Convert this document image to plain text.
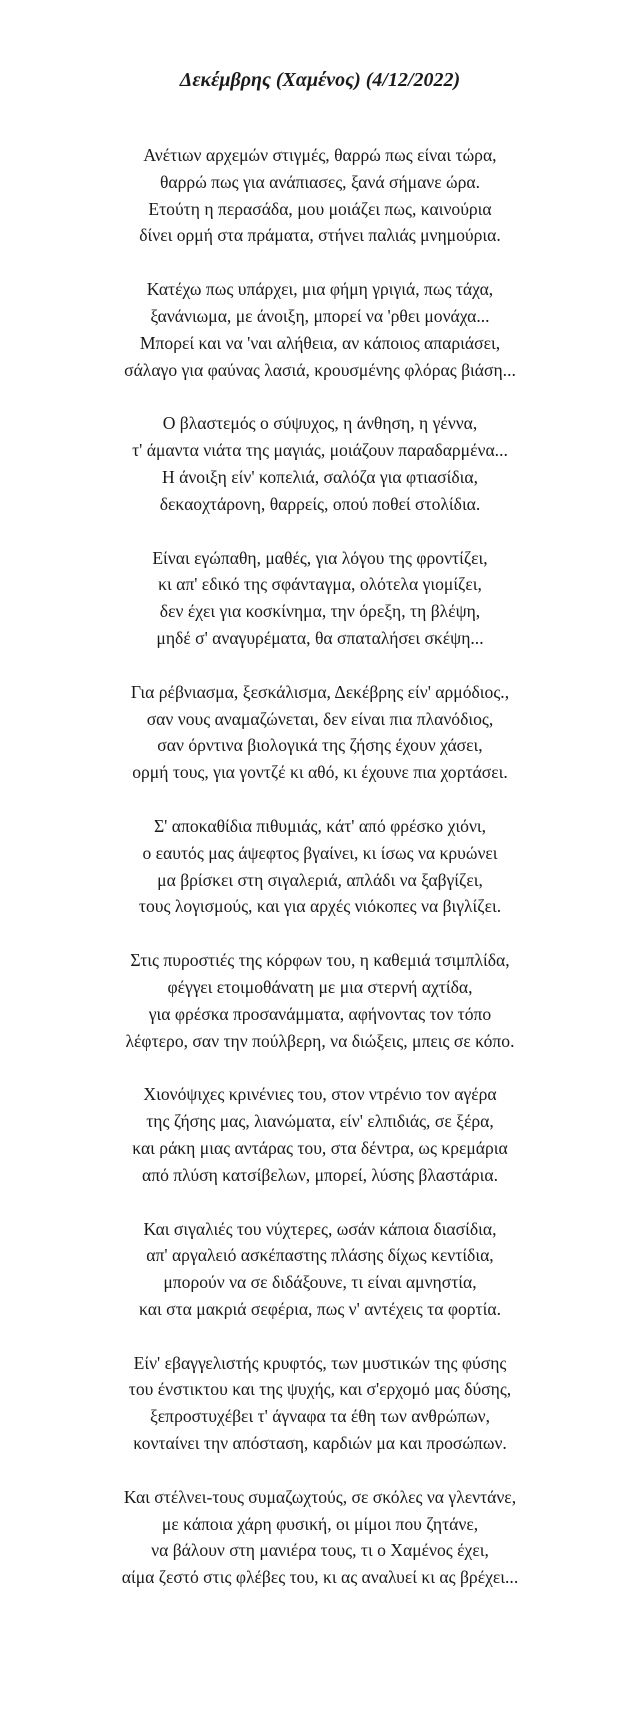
Δεκέμβρης (Χαμένος) (4/12/2022)
Ανέτιων αρχεμών στιγμές, θαρρώ πως είναι τώρα,
θαρρώ πως για ανάπιασες, ξανά σήμανε ώρα.
Ετούτη η περασάδα, μου μοιάζει πως, καινούρια
δίνει ορμή στα πράματα, στήνει παλιάς μνημούρια.
Κατέχω πως υπάρχει, μια φήμη γριγιά, πως τάχα,
ξανάνιωμα, με άνοιξη, μπορεί να 'ρθει μονάχα...
Μπορεί και να 'ναι αλήθεια, αν κάποιος απαριάσει,
σάλαγο για φαύνας λασιά, κρουσμένης φλόρας βιάση...
Ο βλαστεμός ο σύψυχος, η άνθηση, η γέννα,
τ' άμαντα νιάτα της μαγιάς, μοιάζουν παραδαρμένα...
Η άνοιξη είν' κοπελιά, σαλόζα για φτιασίδια,
δεκαοχτάρονη, θαρρείς, οπού ποθεί στολίδια.
Είναι εγώπαθη, μαθές, για λόγου της φροντίζει,
κι απ' εδικό της σφάνταγμα, ολότελα γιομίζει,
δεν έχει για κοσκίνημα, την όρεξη, τη βλέψη,
μηδέ σ' αναγυρέματα, θα σπαταλήσει σκέψη...
Για ρέβνιασμα, ξεσκάλισμα, Δεκέβρης είν' αρμόδιος.,
σαν νους αναμαζώνεται, δεν είναι πια πλανόδιος,
σαν όρντινα βιολογικά της ζήσης έχουν χάσει,
ορμή τους, για γοντζέ κι αθό, κι έχουνε πια χορτάσει.
Σ' αποκαθίδια πιθυμιάς, κάτ' από φρέσκο χιόνι,
ο εαυτός μας άψεφτος βγαίνει, κι ίσως να κρυώνει
μα βρίσκει στη σιγαλεριά, απλάδι να ξαβγίζει,
τους λογισμούς, και για αρχές νιόκοπες να βιγλίζει.
Στις πυροστιές της κόρφων του, η καθεμιά τσιμπλίδα,
φέγγει ετοιμοθάνατη με μια στερνή αχτίδα,
για φρέσκα προσανάμματα, αφήνοντας τον τόπο
λέφτερο, σαν την πούλβερη, να διώξεις, μπεις σε κόπο.
Χιονόψιχες κρινένιες του, στον ντρένιο τον αγέρα
της ζήσης μας, λιανώματα, είν' ελπιδιάς, σε ξέρα,
και ράκη μιας αντάρας του, στα δέντρα, ως κρεμάρια
από πλύση κατσίβελων, μπορεί, λύσης βλαστάρια.
Και σιγαλιές του νύχτερες, ωσάν κάποια διασίδια,
απ' αργαλειό ασκέπαστης πλάσης δίχως κεντίδια,
μπορούν να σε διδάξουνε, τι είναι αμνηστία,
και στα μακριά σεφέρια, πως ν' αντέχεις τα φορτία.
Είν' εβαγγελιστής κρυφτός, των μυστικών της φύσης
του ένστικτου και της ψυχής, και σ'ερχομό μας δύσης,
ξεπροστυχέβει τ' άγναφα τα έθη των ανθρώπων,
κονταίνει την απόσταση, καρδιών μα και προσώπων.
Και στέλνει-τους συμαζωχτούς, σε σκόλες να γλεντάνε,
με κάποια χάρη φυσική, οι μίμοι που ζητάνε,
να βάλουν στη μανιέρα τους, τι ο Χαμένος έχει,
αίμα ζεστό στις φλέβες του, κι ας αναλυεί κι ας βρέχει...
